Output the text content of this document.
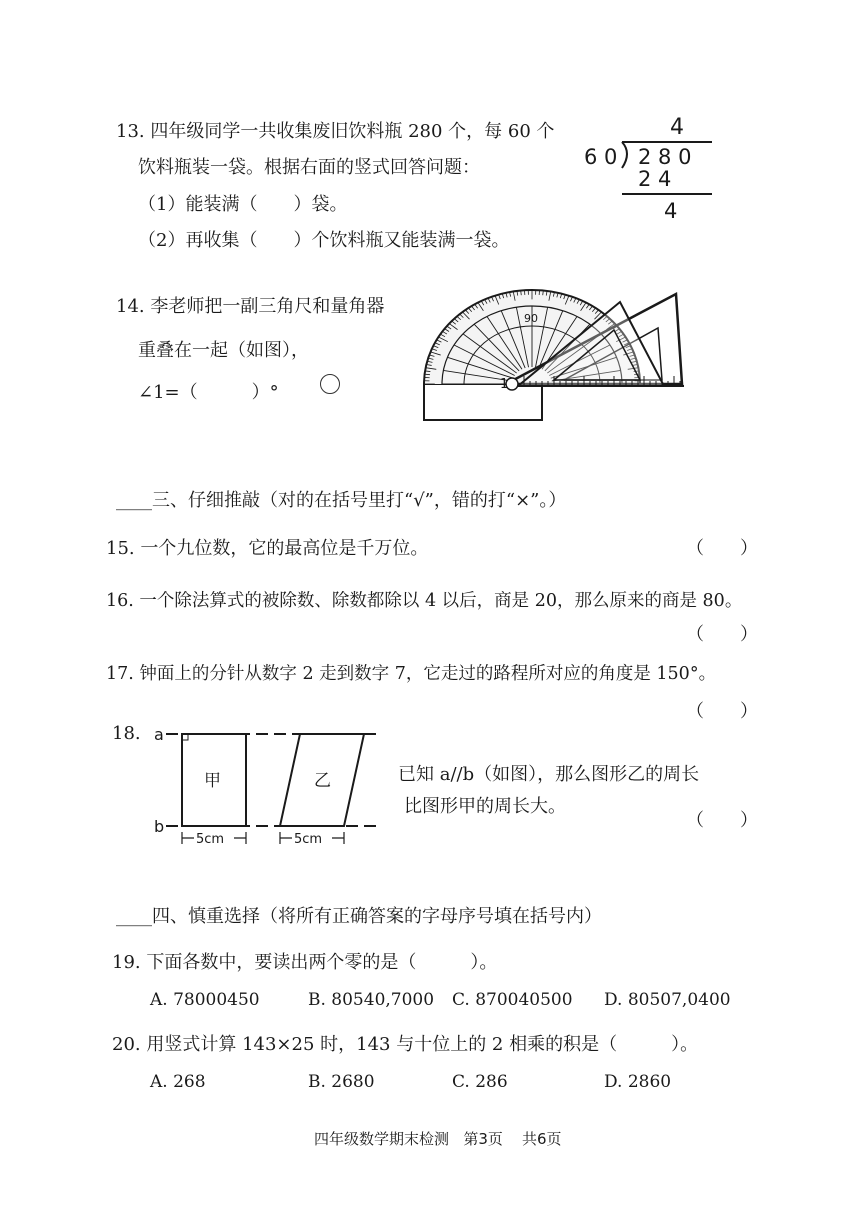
13. 四年级同学一共收集废旧饮料瓶 280 个，每 60 个
饮料瓶装一袋。根据右面的竖式回答问题：
（1）能装满（　　）袋。
（2）再收集（　　）个饮料瓶又能装满一袋。
4
6 0 2 8 0
2 4
4
14. 李老师把一副三角尺和量角器
重叠在一起（如图），
∠1=（　　　）°
90
1
____三、仔细推敲（对的在括号里打“√”，错的打“×”。）
15. 一个九位数，它的最高位是千万位。	（　　）
16. 一个除法算式的被除数、除数都除以 4 以后，商是 20，那么原来的商是 80。
（　　）
17. 钟面上的分针从数字 2 走到数字 7，它走过的路程所对应的角度是 150°。
（　　）
18. a
b
甲	乙
5cm	5cm
已知 a//b（如图），那么图形乙的周长
比图形甲的周长大。
（　　）
____四、慎重选择（将所有正确答案的字母序号填在括号内）
19. 下面各数中，要读出两个零的是（　　　）。
A. 78000450	B. 80540,7000 C. 870040500 D. 80507,0400
20. 用竖式计算 143×25 时，143 与十位上的 2 相乘的积是（　　　）。
A. 268	B. 2680	C. 286	D. 2860
四年级数学期末检测 第3页 共6页
